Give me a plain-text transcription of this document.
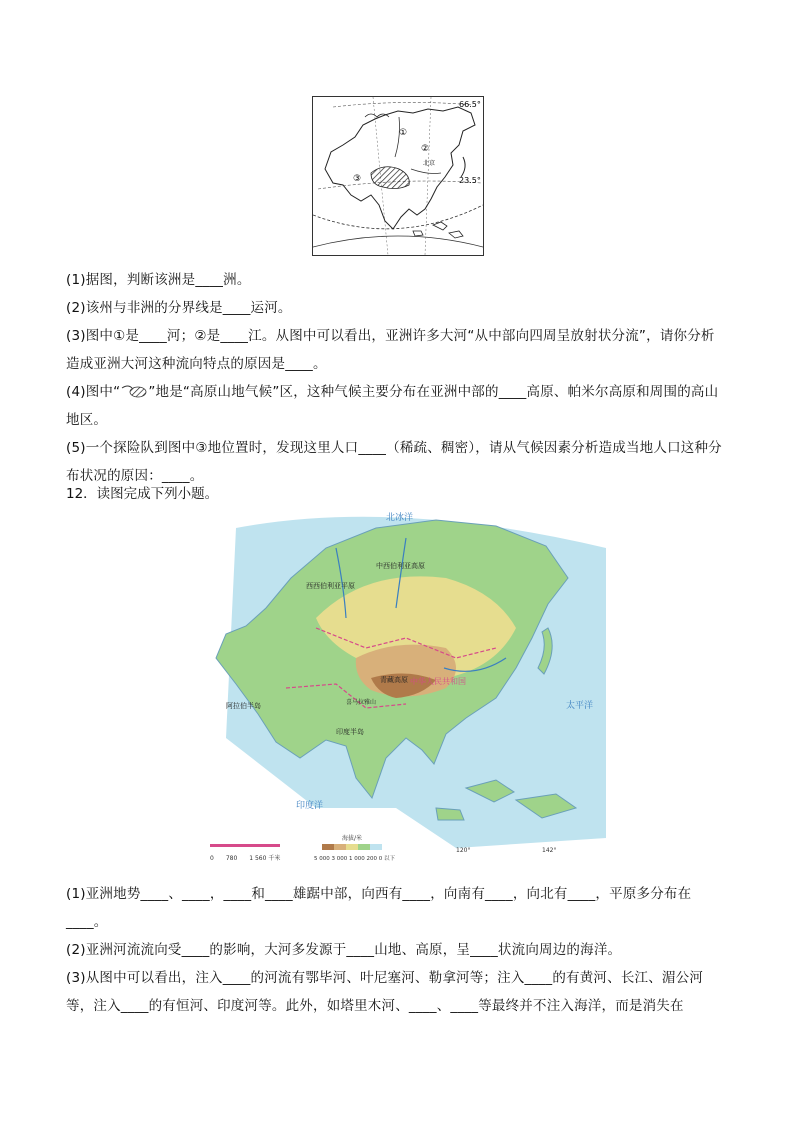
①
②
③
北京
66.5°
23.5°
(1)据图，判断该洲是____洲。
(2)该州与非洲的分界线是____运河。
(3)图中①是____河；②是____江。从图中可以看出，亚洲许多大河“从中部向四周呈放射状分流”，请你分析造成亚洲大河这种流向特点的原因是____。
(4)图中“ ”地是“高原山地气候”区，这种气候主要分布在亚洲中部的____高原、帕米尔高原和周围的高山地区。
(5)一个探险队到图中③地位置时，发现这里人口____（稀疏、稠密），请从气候因素分析造成当地人口这种分布状况的原因：____。
12．读图完成下列小题。
北冰洋
印度洋
太平洋
青藏高原
喜马拉雅山
印度半岛
西西伯利亚平原
中西伯利亚高原
阿拉伯半岛
中华人民共和国
120°	142°
0　　780　　1 560 千米
海拔/米
5 000 3 000 1 000 200 0 以下
(1)亚洲地势____、____，____和____雄踞中部，向西有____，向南有____，向北有____，平原多分布在____。
(2)亚洲河流流向受____的影响，大河多发源于____山地、高原，呈____状流向周边的海洋。
(3)从图中可以看出，注入____的河流有鄂毕河、叶尼塞河、勒拿河等；注入____的有黄河、长江、湄公河等，注入____的有恒河、印度河等。此外，如塔里木河、____、____等最终并不注入海洋，而是消失在
